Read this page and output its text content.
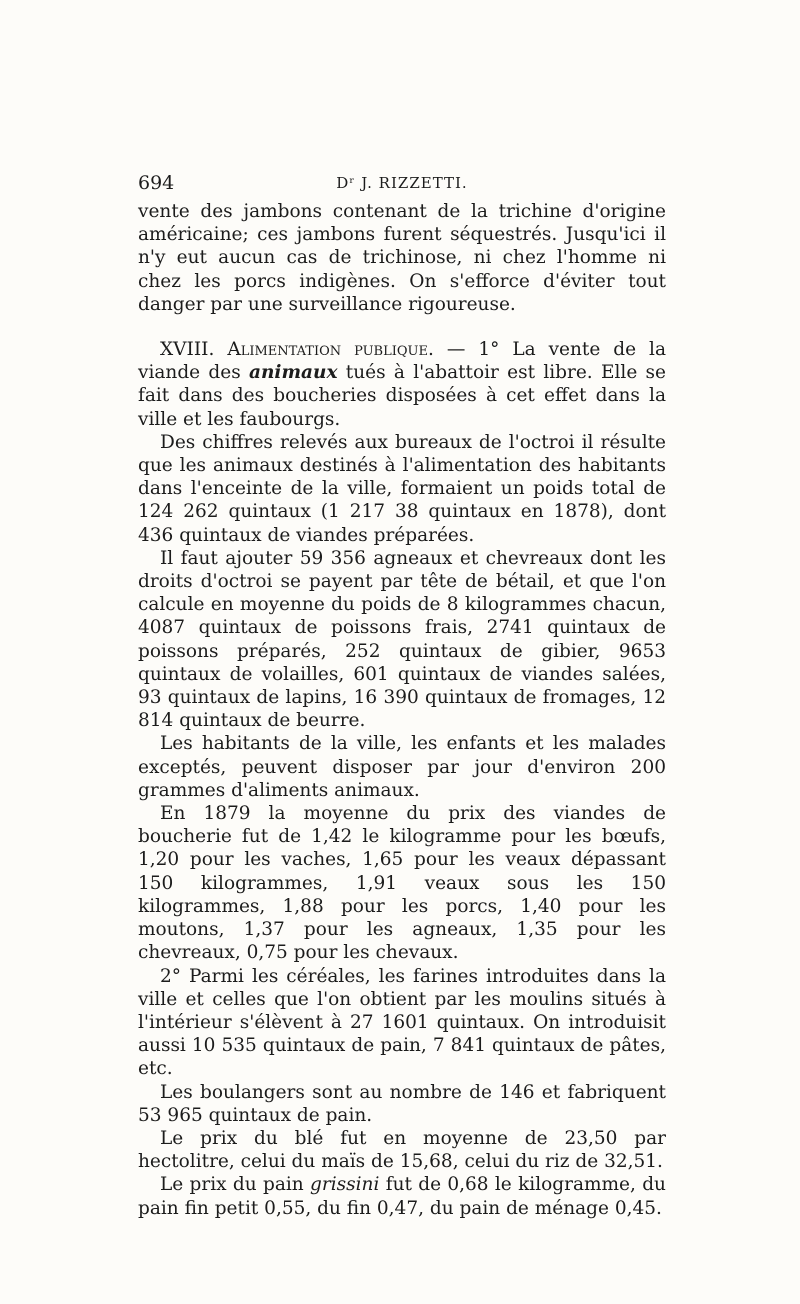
694	Dʳ J. RIZZETTI.

vente des jambons contenant de la trichine d'origine américaine; ces jambons furent séquestrés. Jusqu'ici il n'y eut aucun cas de trichinose, ni chez l'homme ni chez les porcs indigènes. On s'efforce d'éviter tout danger par une surveillance rigoureuse.

XVIII. Alimentation publique. — 1° La vente de la viande des animaux tués à l'abattoir est libre. Elle se fait dans des boucheries disposées à cet effet dans la ville et les faubourgs.

Des chiffres relevés aux bureaux de l'octroi il résulte que les animaux destinés à l'alimentation des habitants dans l'enceinte de la ville, formaient un poids total de 124 262 quintaux (1 217 38 quintaux en 1878), dont 436 quintaux de viandes préparées.

Il faut ajouter 59 356 agneaux et chevreaux dont les droits d'octroi se payent par tête de bétail, et que l'on calcule en moyenne du poids de 8 kilogrammes chacun, 4087 quintaux de poissons frais, 2741 quintaux de poissons préparés, 252 quintaux de gibier, 9653 quintaux de volailles, 601 quintaux de viandes salées, 93 quintaux de lapins, 16 390 quintaux de fromages, 12 814 quintaux de beurre.

Les habitants de la ville, les enfants et les malades exceptés, peuvent disposer par jour d'environ 200 grammes d'aliments animaux.

En 1879 la moyenne du prix des viandes de boucherie fut de 1,42 le kilogramme pour les bœufs, 1,20 pour les vaches, 1,65 pour les veaux dépassant 150 kilogrammes, 1,91 veaux sous les 150 kilogrammes, 1,88 pour les porcs, 1,40 pour les moutons, 1,37 pour les agneaux, 1,35 pour les chevreaux, 0,75 pour les chevaux.

2° Parmi les céréales, les farines introduites dans la ville et celles que l'on obtient par les moulins situés à l'intérieur s'élèvent à 27 1601 quintaux. On introduisit aussi 10 535 quintaux de pain, 7 841 quintaux de pâtes, etc.

Les boulangers sont au nombre de 146 et fabriquent 53 965 quintaux de pain.

Le prix du blé fut en moyenne de 23,50 par hectolitre, celui du maïs de 15,68, celui du riz de 32,51.

Le prix du pain grissini fut de 0,68 le kilogramme, du pain fin petit 0,55, du fin 0,47, du pain de ménage 0,45.
